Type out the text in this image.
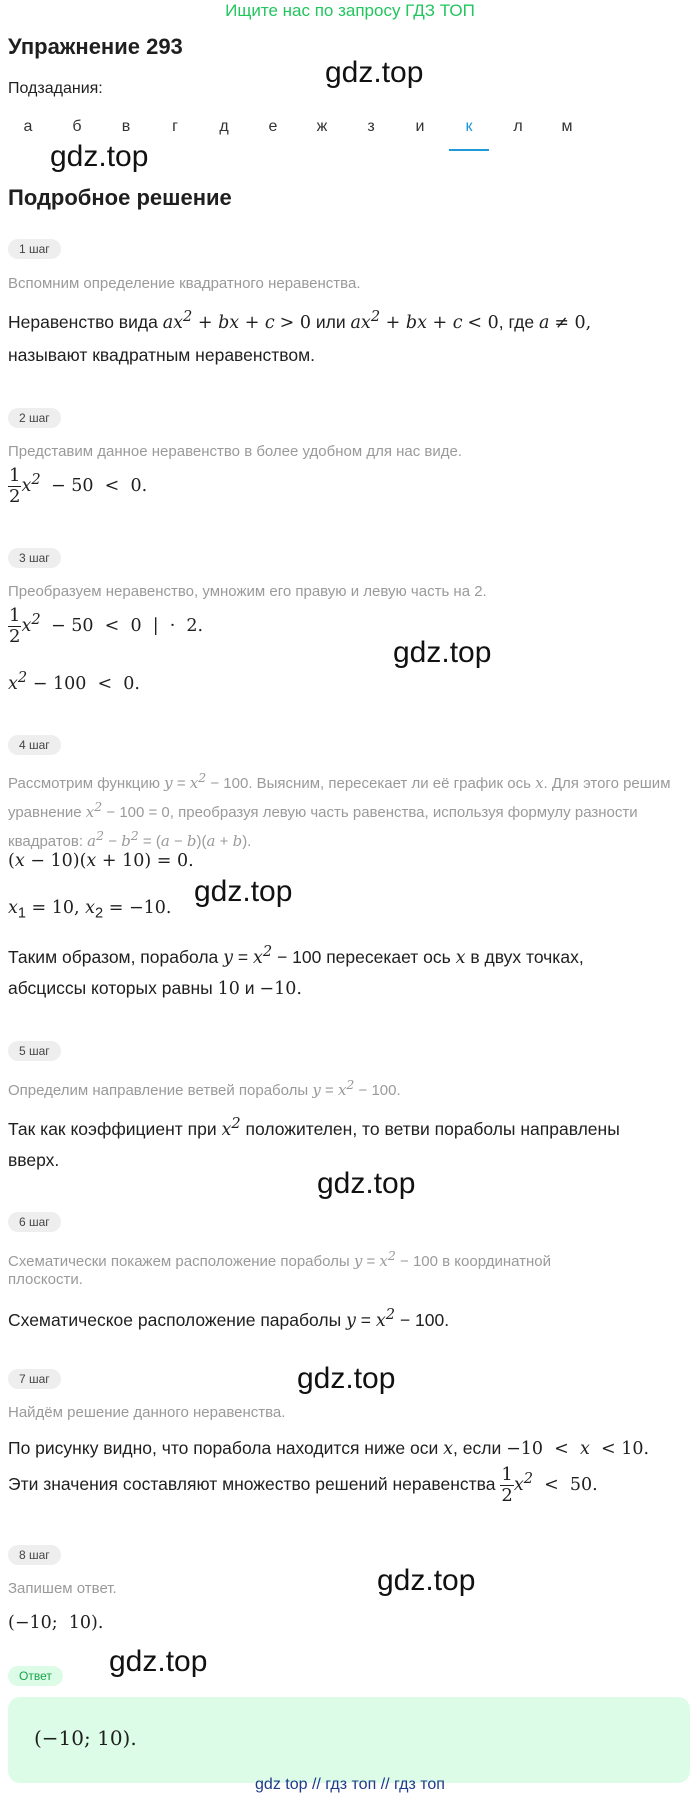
Ищите нас по запросу ГДЗ ТОП
Упражнение 293
Подзадания:
а	б	в	г	д	е	ж	з	и	к	л	м
gdz.top
gdz.top
gdz.top
gdz.top
gdz.top
gdz.top
gdz.top
gdz.top
Подробное решение
1 шаг
Вспомним определение квадратного неравенства.
Неравенство вида $ax^2$ + bx + c > 0 или $ax^2$ + bx + c < 0, где a ≠ 0,
называют квадратным неравенством.
2 шаг
Представим данное неравенство в более удобном для нас виде.
$\frac{1}{2} x^2 - 50 < 0$.
3 шаг
Преобразуем неравенство, умножим его правую и левую часть на 2.
$\frac{1}{2} x^2 - 50 < 0$  |  ·  2.
$x^2 - 100 < 0$.
4 шаг
Рассмотрим функцию $y = x^2 - 100$. Выясним, пересекает ли её график ось x. Для этого решим уравнение $x^2 - 100 = 0$, преобразуя левую часть равенства, используя формулу разности квадратов: $a^2 - b^2 = (a - b)(a + b)$.
(x − 10)(x + 10) = 0.
$x_1 = 10$, $x_2 = -10$.
Таким образом, порабола $y = x^2 - 100$ пересекает ось x в двух точках,
абсциссы которых равны 10 и −10.
5 шаг
Определим направление ветвей пораболы $y = x^2 - 100$.
Так как коэффициент при $x^2$ положителен, то ветви пораболы направлены
вверх.
6 шаг
Схематически покажем расположение пораболы $y = x^2 - 100$ в координатной
плоскости.
Схематическое расположение параболы $y = x^2 - 100$.
7 шаг
Найдём решение данного неравенства.
По рисунку видно, что порабола находится ниже оси x, если −10  <  x  < 10.
Эти значения составляют множество решений неравенства $\frac{1}{2} x^2 < 50$.
8 шаг
Запишем ответ.
(−10;  10).
Ответ
(−10; 10).
gdz top // гдз топ // гдз топ
